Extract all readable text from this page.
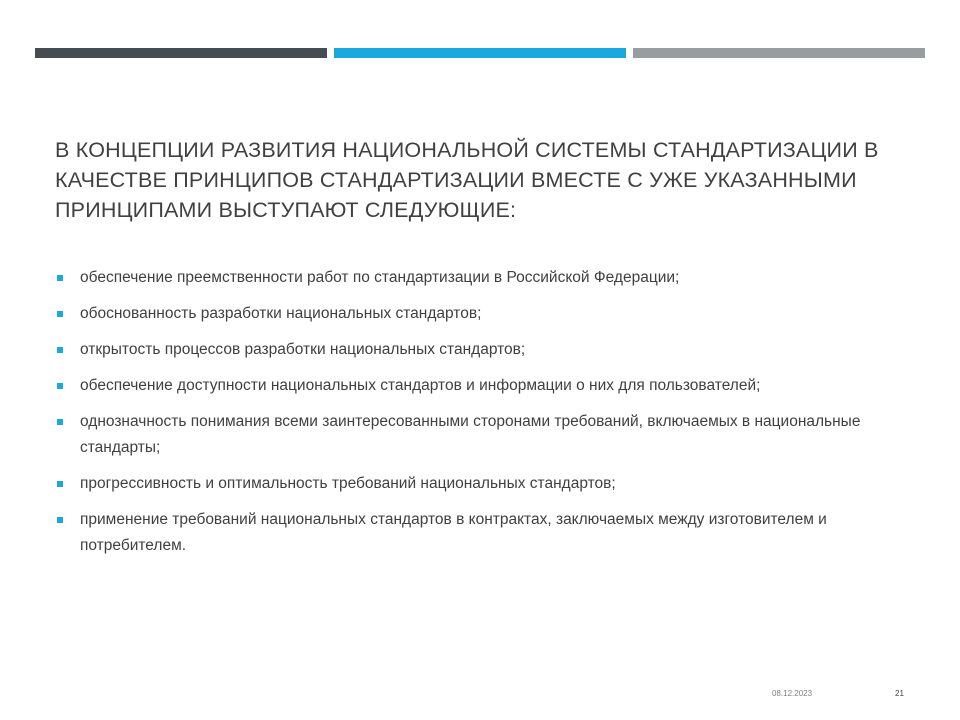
В КОНЦЕПЦИИ РАЗВИТИЯ НАЦИОНАЛЬНОЙ СИСТЕМЫ СТАНДАРТИЗАЦИИ В КАЧЕСТВЕ ПРИНЦИПОВ СТАНДАРТИЗАЦИИ ВМЕСТЕ С УЖЕ УКАЗАННЫМИ ПРИНЦИПАМИ ВЫСТУПАЮТ СЛЕДУЮЩИЕ:
обеспечение преемственности работ по стандартизации в Российской Федерации;
обоснованность разработки национальных стандартов;
открытость процессов разработки национальных стандартов;
обеспечение доступности национальных стандартов и информации о них для пользователей;
однозначность понимания всеми заинтересованными сторонами требований, включаемых в национальные стандарты;
прогрессивность и оптимальность требований национальных стандартов;
применение требований национальных стандартов в контрактах, заключаемых между изготовителем и потребителем.
08.12.2023	21
